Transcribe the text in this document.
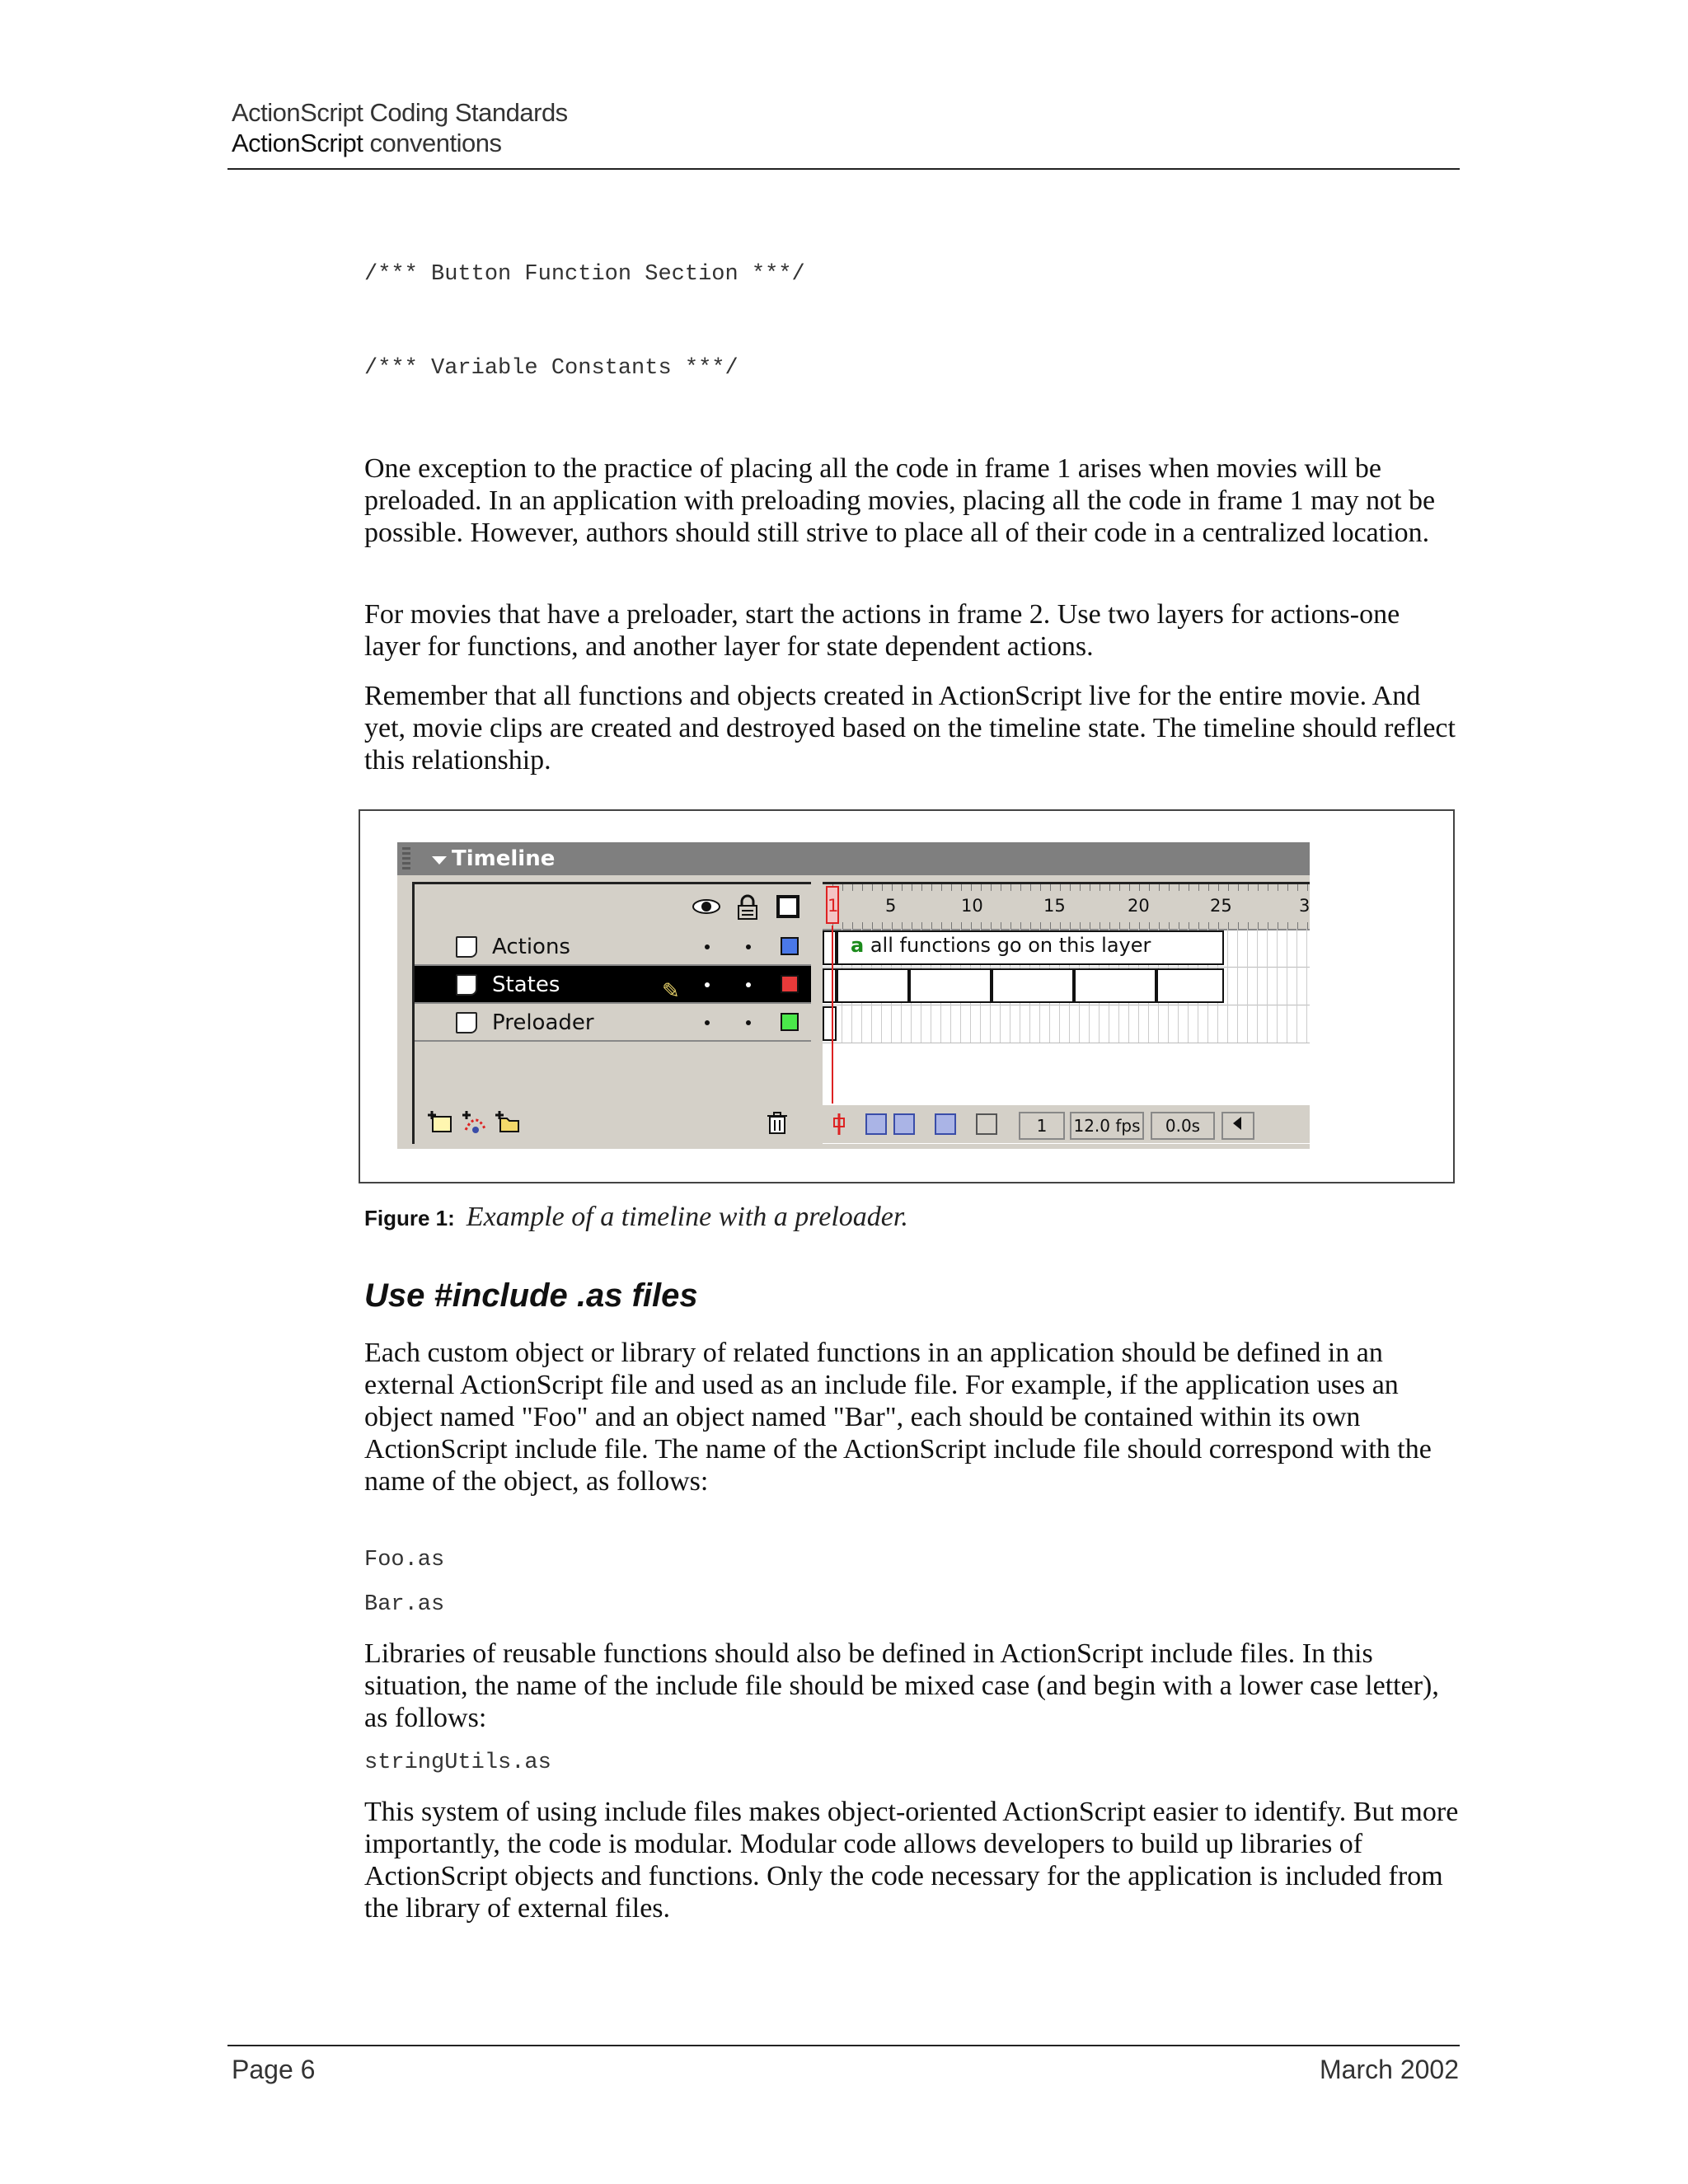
ActionScript Coding Standards
ActionScript conventions
/*** Button Function Section ***/
/*** Variable Constants ***/
One exception to the practice of placing all the code in frame 1 arises when movies will be preloaded. In an application with preloading movies, placing all the code in frame 1 may not be possible. However, authors should still strive to place all of their code in a centralized location.
For movies that have a preloader, start the actions in frame 2. Use two layers for actions-one layer for functions, and another layer for state dependent actions.
Remember that all functions and objects created in ActionScript live for the entire movie. And yet, movie clips are created and destroyed based on the timeline state. The timeline should reflect this relationship.
Timeline
Actions
States	✎
Preloader
1	5	10	15	20	25	3
a all functions go on this layer
1	12.0 fps	0.0s
Figure 1: Example of a timeline with a preloader.
Use #include .as files
Each custom object or library of related functions in an application should be defined in an external ActionScript file and used as an include file. For example, if the application uses an object named "Foo" and an object named "Bar", each should be contained within its own ActionScript include file. The name of the ActionScript include file should correspond with the name of the object, as follows:
Foo.as
Bar.as
Libraries of reusable functions should also be defined in ActionScript include files. In this situation, the name of the include file should be mixed case (and begin with a lower case letter), as follows:
stringUtils.as
This system of using include files makes object-oriented ActionScript easier to identify. But more importantly, the code is modular. Modular code allows developers to build up libraries of ActionScript objects and functions. Only the code necessary for the application is included from the library of external files.
Page 6	March 2002
